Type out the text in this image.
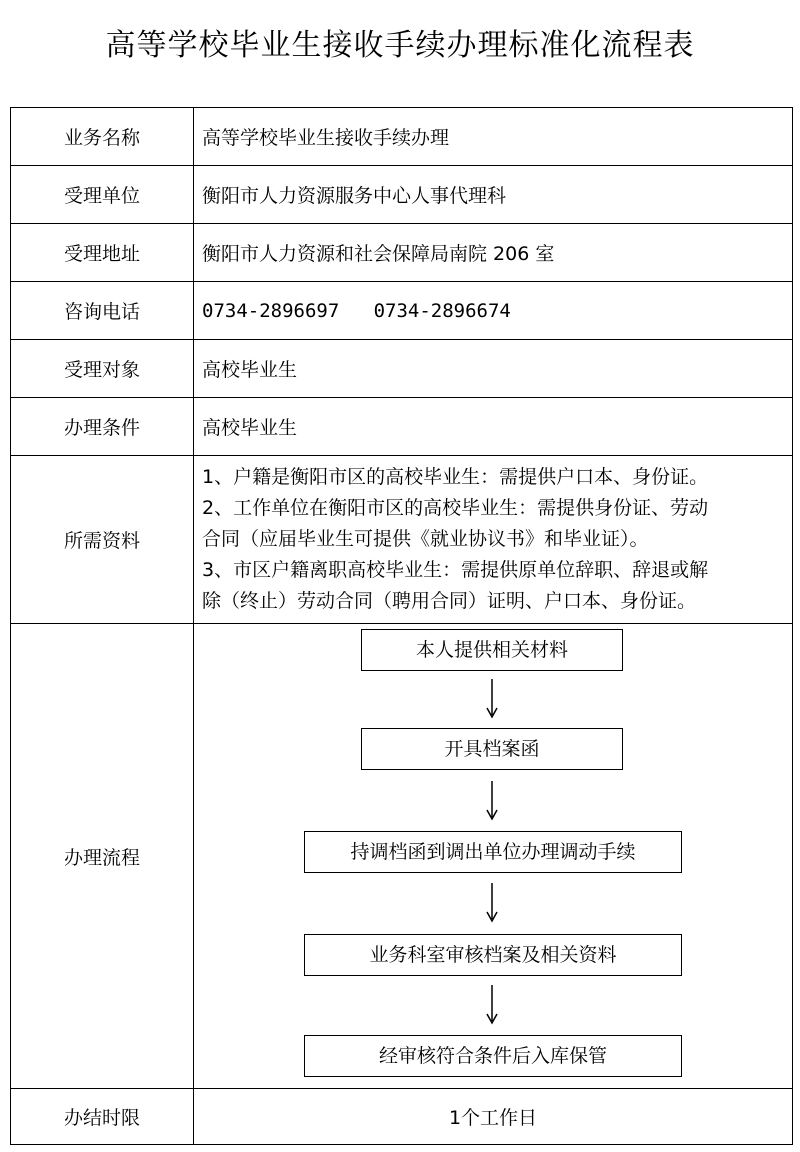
高等学校毕业生接收手续办理标准化流程表
业务名称	高等学校毕业生接收手续办理
受理单位	衡阳市人力资源服务中心人事代理科
受理地址	衡阳市人力资源和社会保障局南院 206 室
咨询电话	0734-2896697   0734-2896674
受理对象	高校毕业生
办理条件	高校毕业生
所需资料	1、户籍是衡阳市区的高校毕业生：需提供户口本、身份证。
2、工作单位在衡阳市区的高校毕业生：需提供身份证、劳动
合同（应届毕业生可提供《就业协议书》和毕业证）。
3、市区户籍离职高校毕业生：需提供原单位辞职、辞退或解
除（终止）劳动合同（聘用合同）证明、户口本、身份证。

办理流程	本人提供相关材料
开具档案函
持调档函到调出单位办理调动手续
业务科室审核档案及相关资料
经审核符合条件后入库保管

办结时限	1个工作日
